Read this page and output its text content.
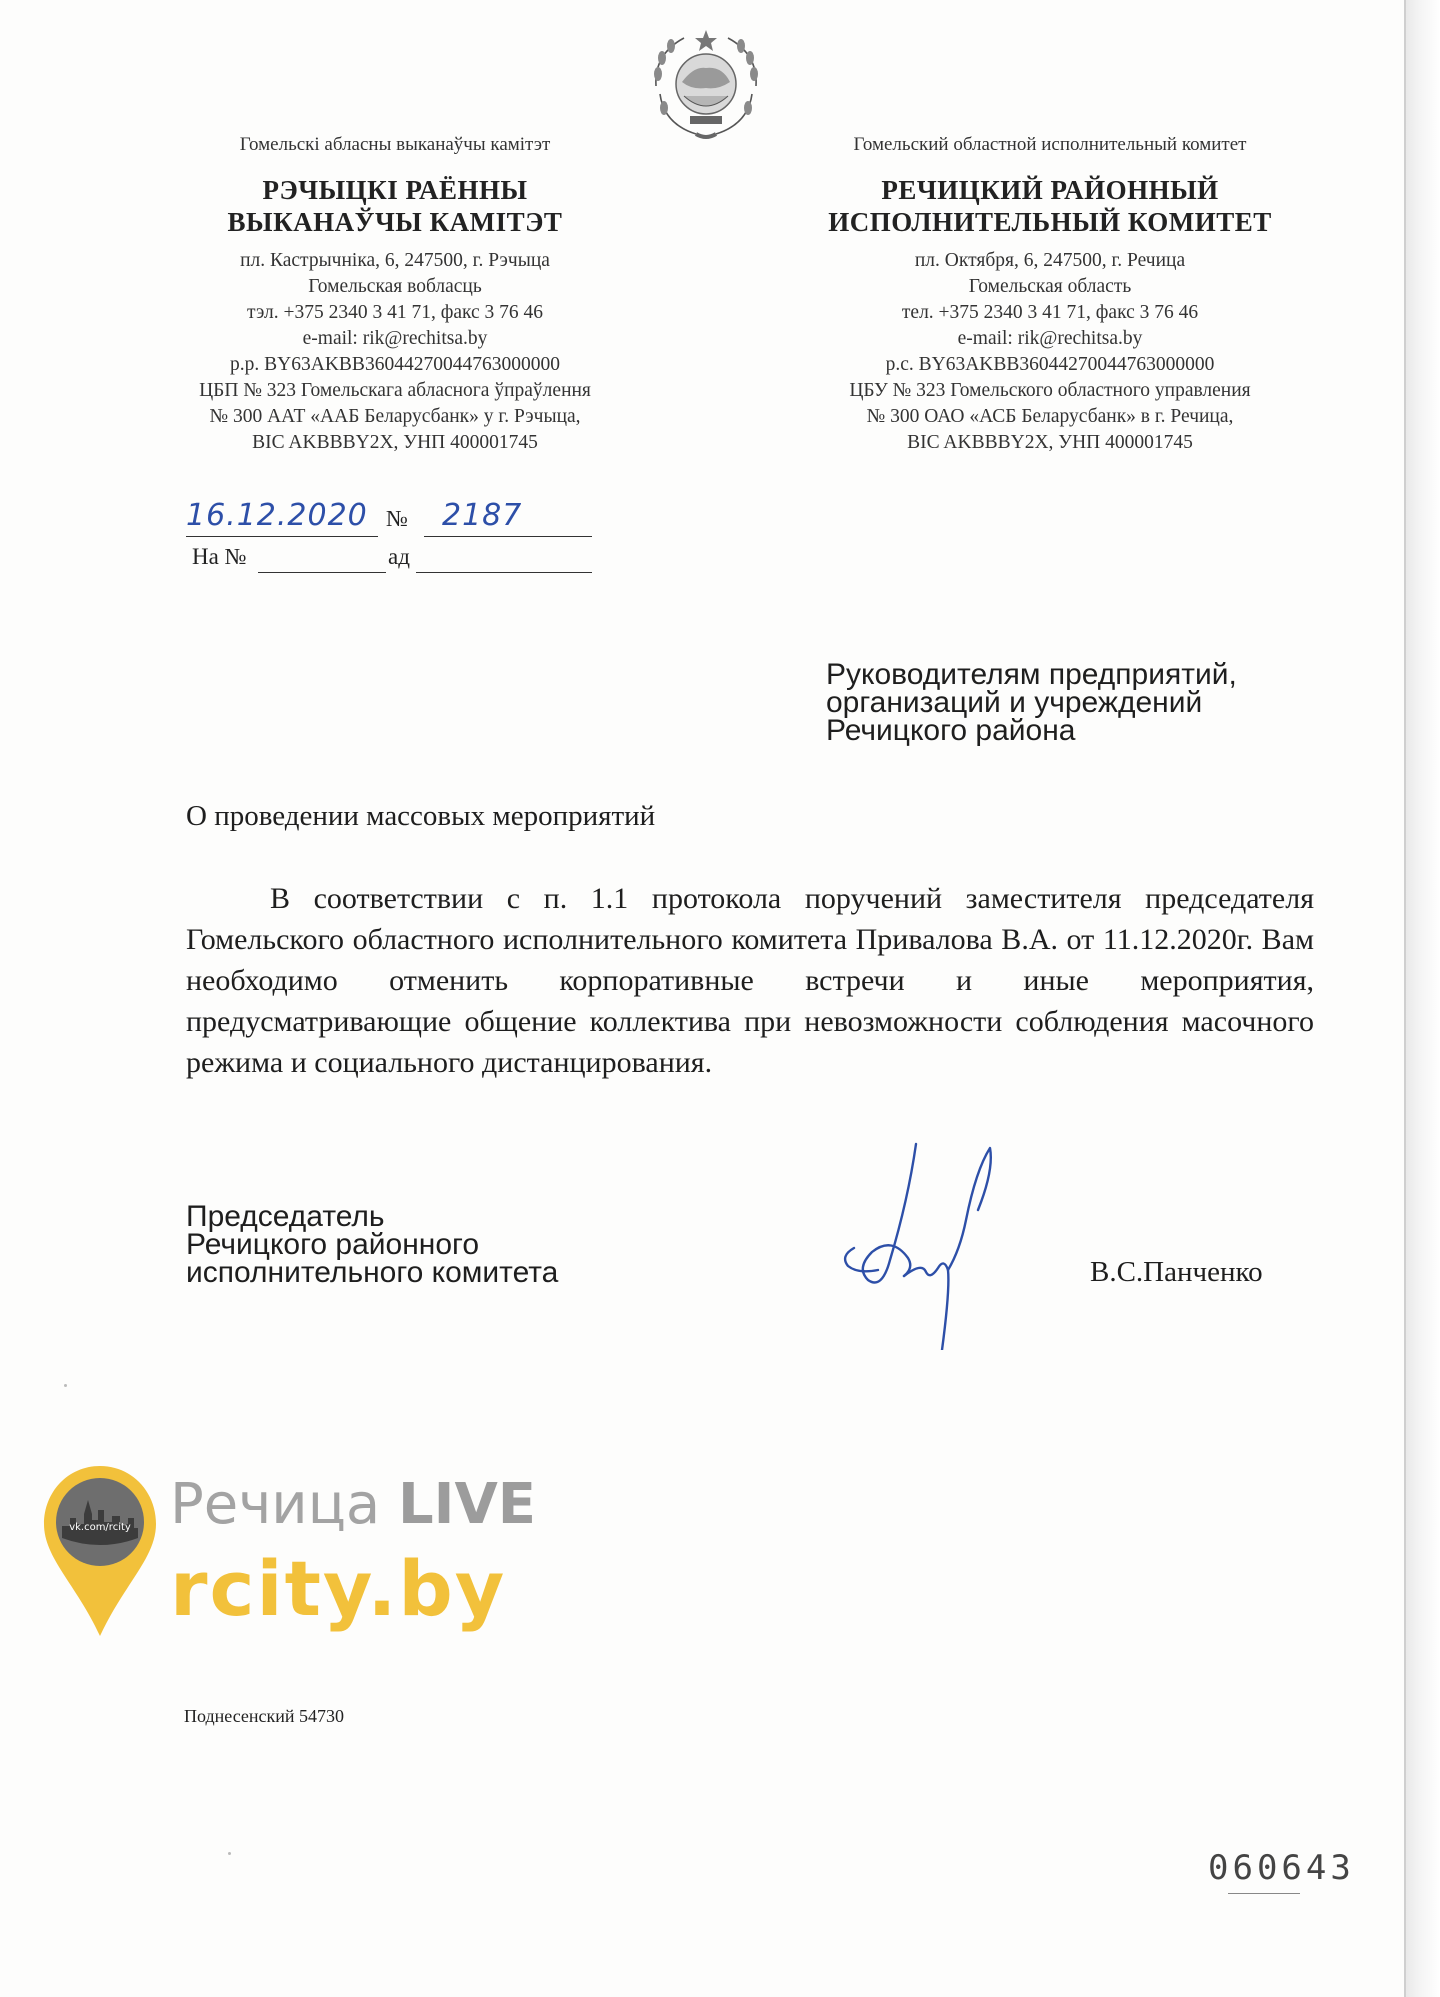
Гомельскі абласны выканаўчы камітэт
РЭЧЫЦКІ РАЁННЫ
ВЫКАНАЎЧЫ КАМІТЭТ
пл. Кастрычніка, 6, 247500, г. Рэчыца
Гомельская вобласць
тэл. +375 2340 3 41 71, факс 3 76 46
e-mail: rik@rechitsa.by
р.р. BY63AKBB36044270044763000000
ЦБП № 323 Гомельскага абласнога ўпраўлення
№ 300 ААТ «ААБ Беларусбанк» у г. Рэчыца,
BIC AKBBBY2X, УНП 400001745
Гомельский областной исполнительный комитет
РЕЧИЦКИЙ РАЙОННЫЙ
ИСПОЛНИТЕЛЬНЫЙ КОМИТЕТ
пл. Октября, 6, 247500, г. Речица
Гомельская область
тел. +375 2340 3 41 71, факс 3 76 46
e-mail: rik@rechitsa.by
р.с. BY63AKBB36044270044763000000
ЦБУ № 323 Гомельского областного управления
№ 300 ОАО «АСБ Беларусбанк» в г. Речица,
BIC AKBBBY2X, УНП 400001745
16.12.2020 № 2187
На №	ад
Руководителям предприятий,
организаций и учреждений
Речицкого района
О проведении массовых мероприятий
В соответствии с п. 1.1 протокола поручений заместителя председателя Гомельского областного исполнительного комитета Привалова В.А. от 11.12.2020г. Вам необходимо отменить корпоративные встречи и иные мероприятия, предусматривающие общение коллектива при невозможности соблюдения масочного режима и социального дистанцирования.
Председатель
Речицкого районного
исполнительного комитета	В.С.Панченко
vk.com/rcity Речица LIVE
rcity.by
Поднесенский 54730
060643
